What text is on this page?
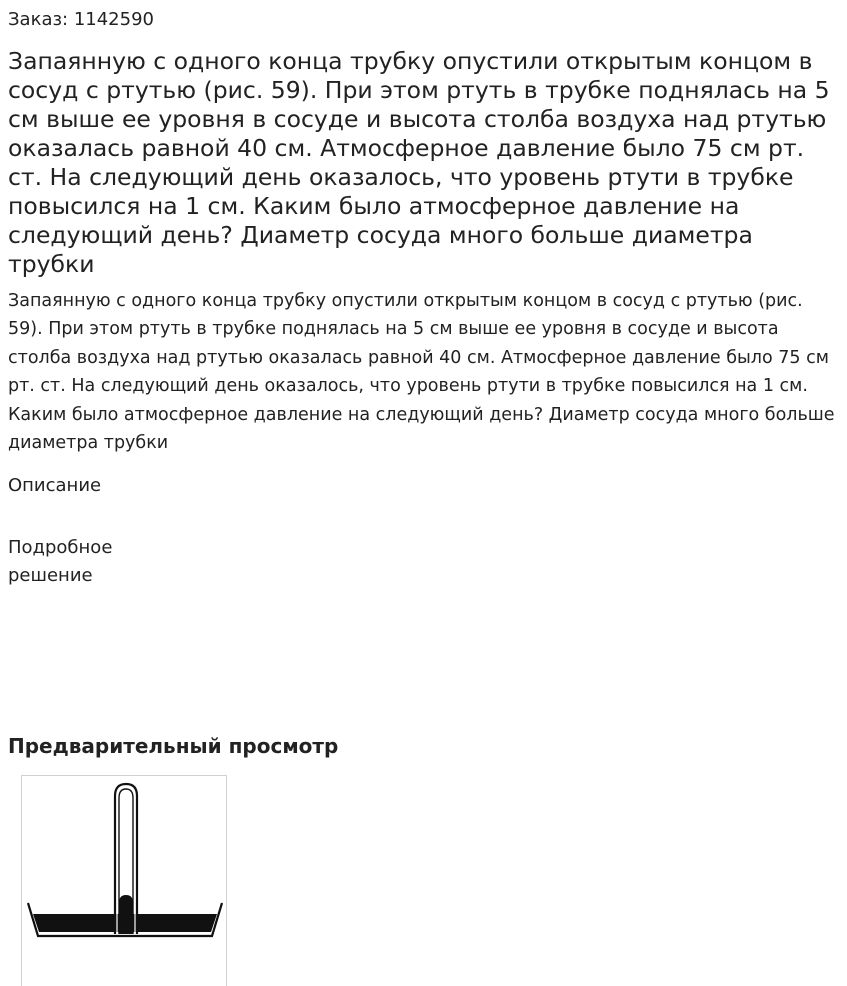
Заказ: 1142590
Запаянную с одного конца трубку опустили открытым концом в сосуд с ртутью (рис. 59). При этом ртуть в трубке поднялась на 5 см выше ее уровня в сосуде и высота столба воздуха над ртутью оказалась равной 40 см. Атмосферное давление было 75 см рт. ст. На следующий день оказалось, что уровень ртути в трубке повысился на 1 см. Каким было атмосферное давление на следующий день? Диаметр сосуда много больше диаметра трубки

Запаянную с одного конца трубку опустили открытым концом в сосуд с ртутью (рис. 59). При этом ртуть в трубке поднялась на 5 см выше ее уровня в сосуде и высота столба воздуха над ртутью оказалась равной 40 см. Атмосферное давление было 75 см рт. ст. На следующий день оказалось, что уровень ртути в трубке повысился на 1 см. Каким было атмосферное давление на следующий день? Диаметр сосуда много больше диаметра трубки

Описание
Подробное решение
Предварительный просмотр
